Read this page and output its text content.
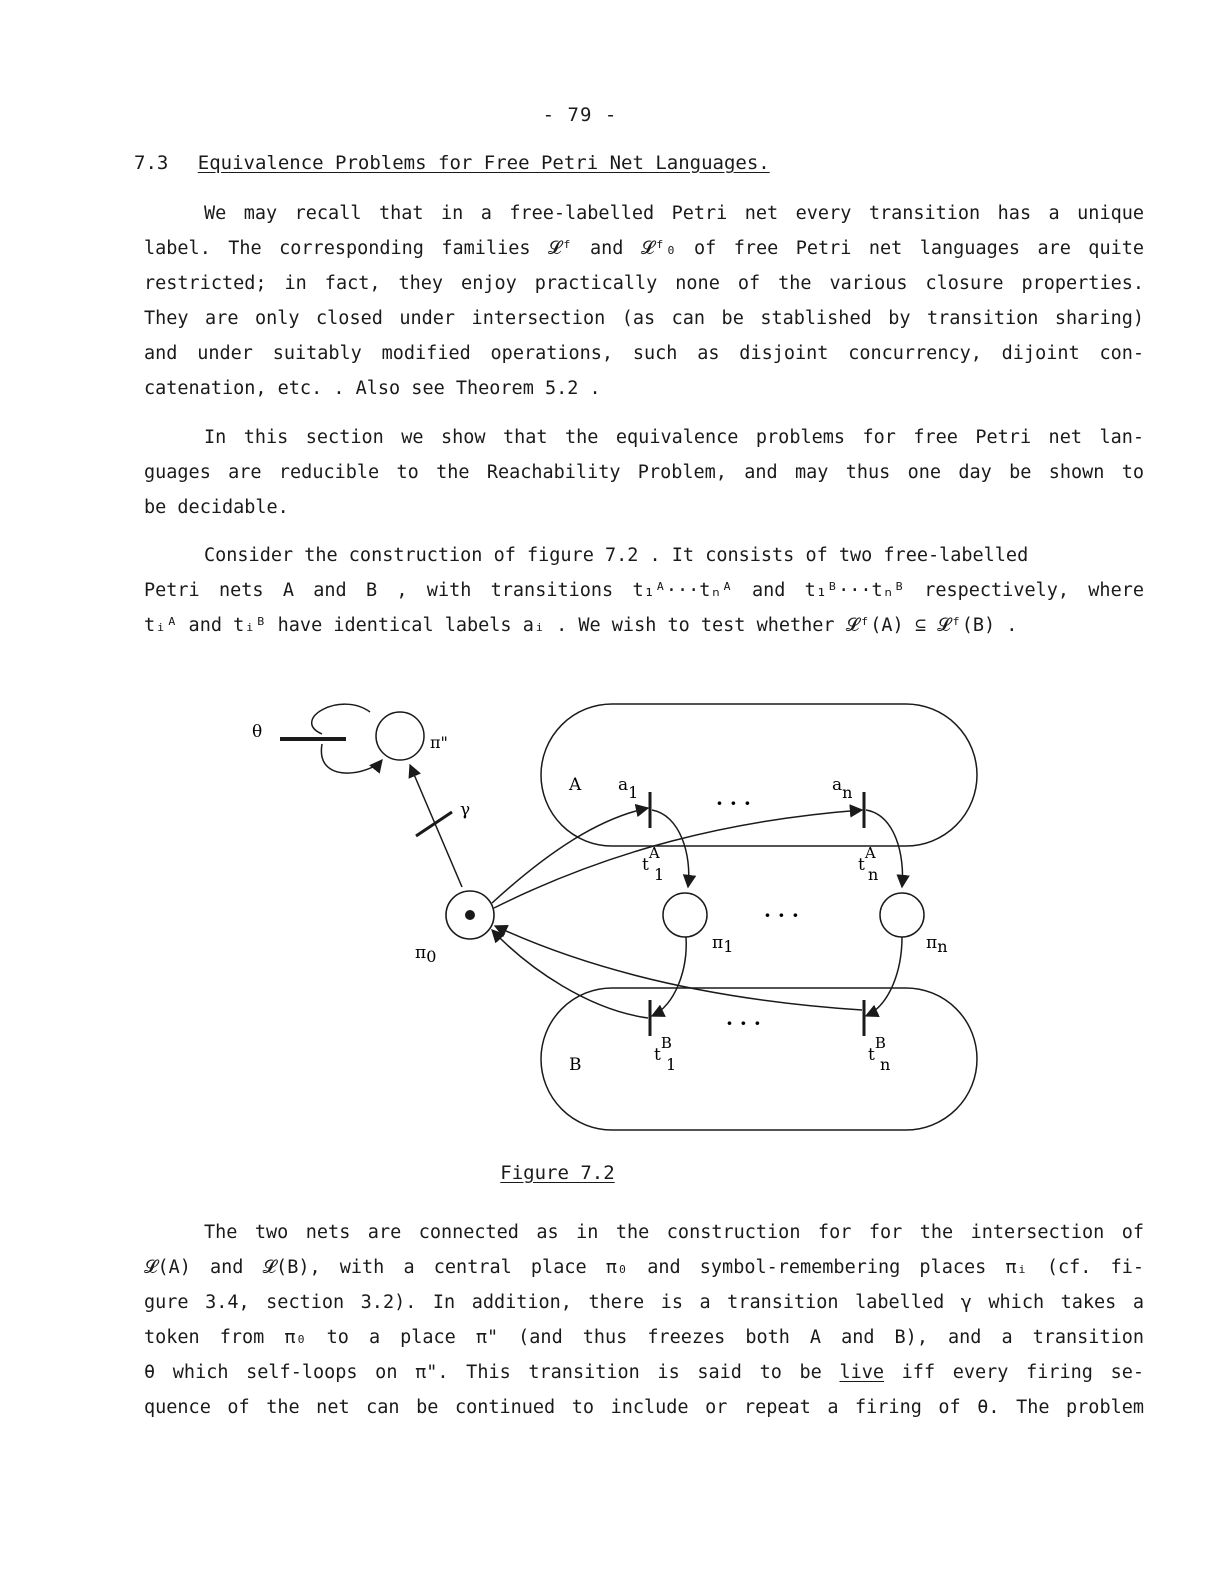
- 79 -
7.3 Equivalence Problems for Free Petri Net Languages.
We may recall that in a free-labelled Petri net every transition has a unique
label. The corresponding families 𝓛ᶠ and 𝓛ᶠ₀ of free Petri net languages are quite
restricted; in fact, they enjoy practically none of the various closure properties.
They are only closed under intersection (as can be stablished by transition sharing)
and under suitably modified operations, such as disjoint concurrency, dijoint con-
catenation, etc. . Also see Theorem 5.2 .
In this section we show that the equivalence problems for free Petri net lan-
guages are reducible to the Reachability Problem, and may thus one day be shown to
be decidable.
Consider the construction of figure 7.2 . It consists of two free-labelled
Petri nets A and B , with transitions t₁ᴬ···tₙᴬ and t₁ᴮ···tₙᴮ respectively, where
tᵢᴬ and tᵢᴮ have identical labels aᵢ . We wish to test whether 𝓛ᶠ(A) ⊆ 𝓛ᶠ(B) .
θ
π"
γ
A
B
a1	an
tA 1	tA n
tB 1	tB n
π0
π1	πn
· · ·
· · ·
· · ·
Figure 7.2
The two nets are connected as in the construction for for the intersection of
𝓛(A) and 𝓛(B), with a central place π₀ and symbol-remembering places πᵢ (cf. fi-
gure 3.4, section 3.2). In addition, there is a transition labelled γ which takes a
token from π₀ to a place π" (and thus freezes both A and B), and a transition
θ which self-loops on π". This transition is said to be live iff every firing se-
quence of the net can be continued to include or repeat a firing of θ. The problem
